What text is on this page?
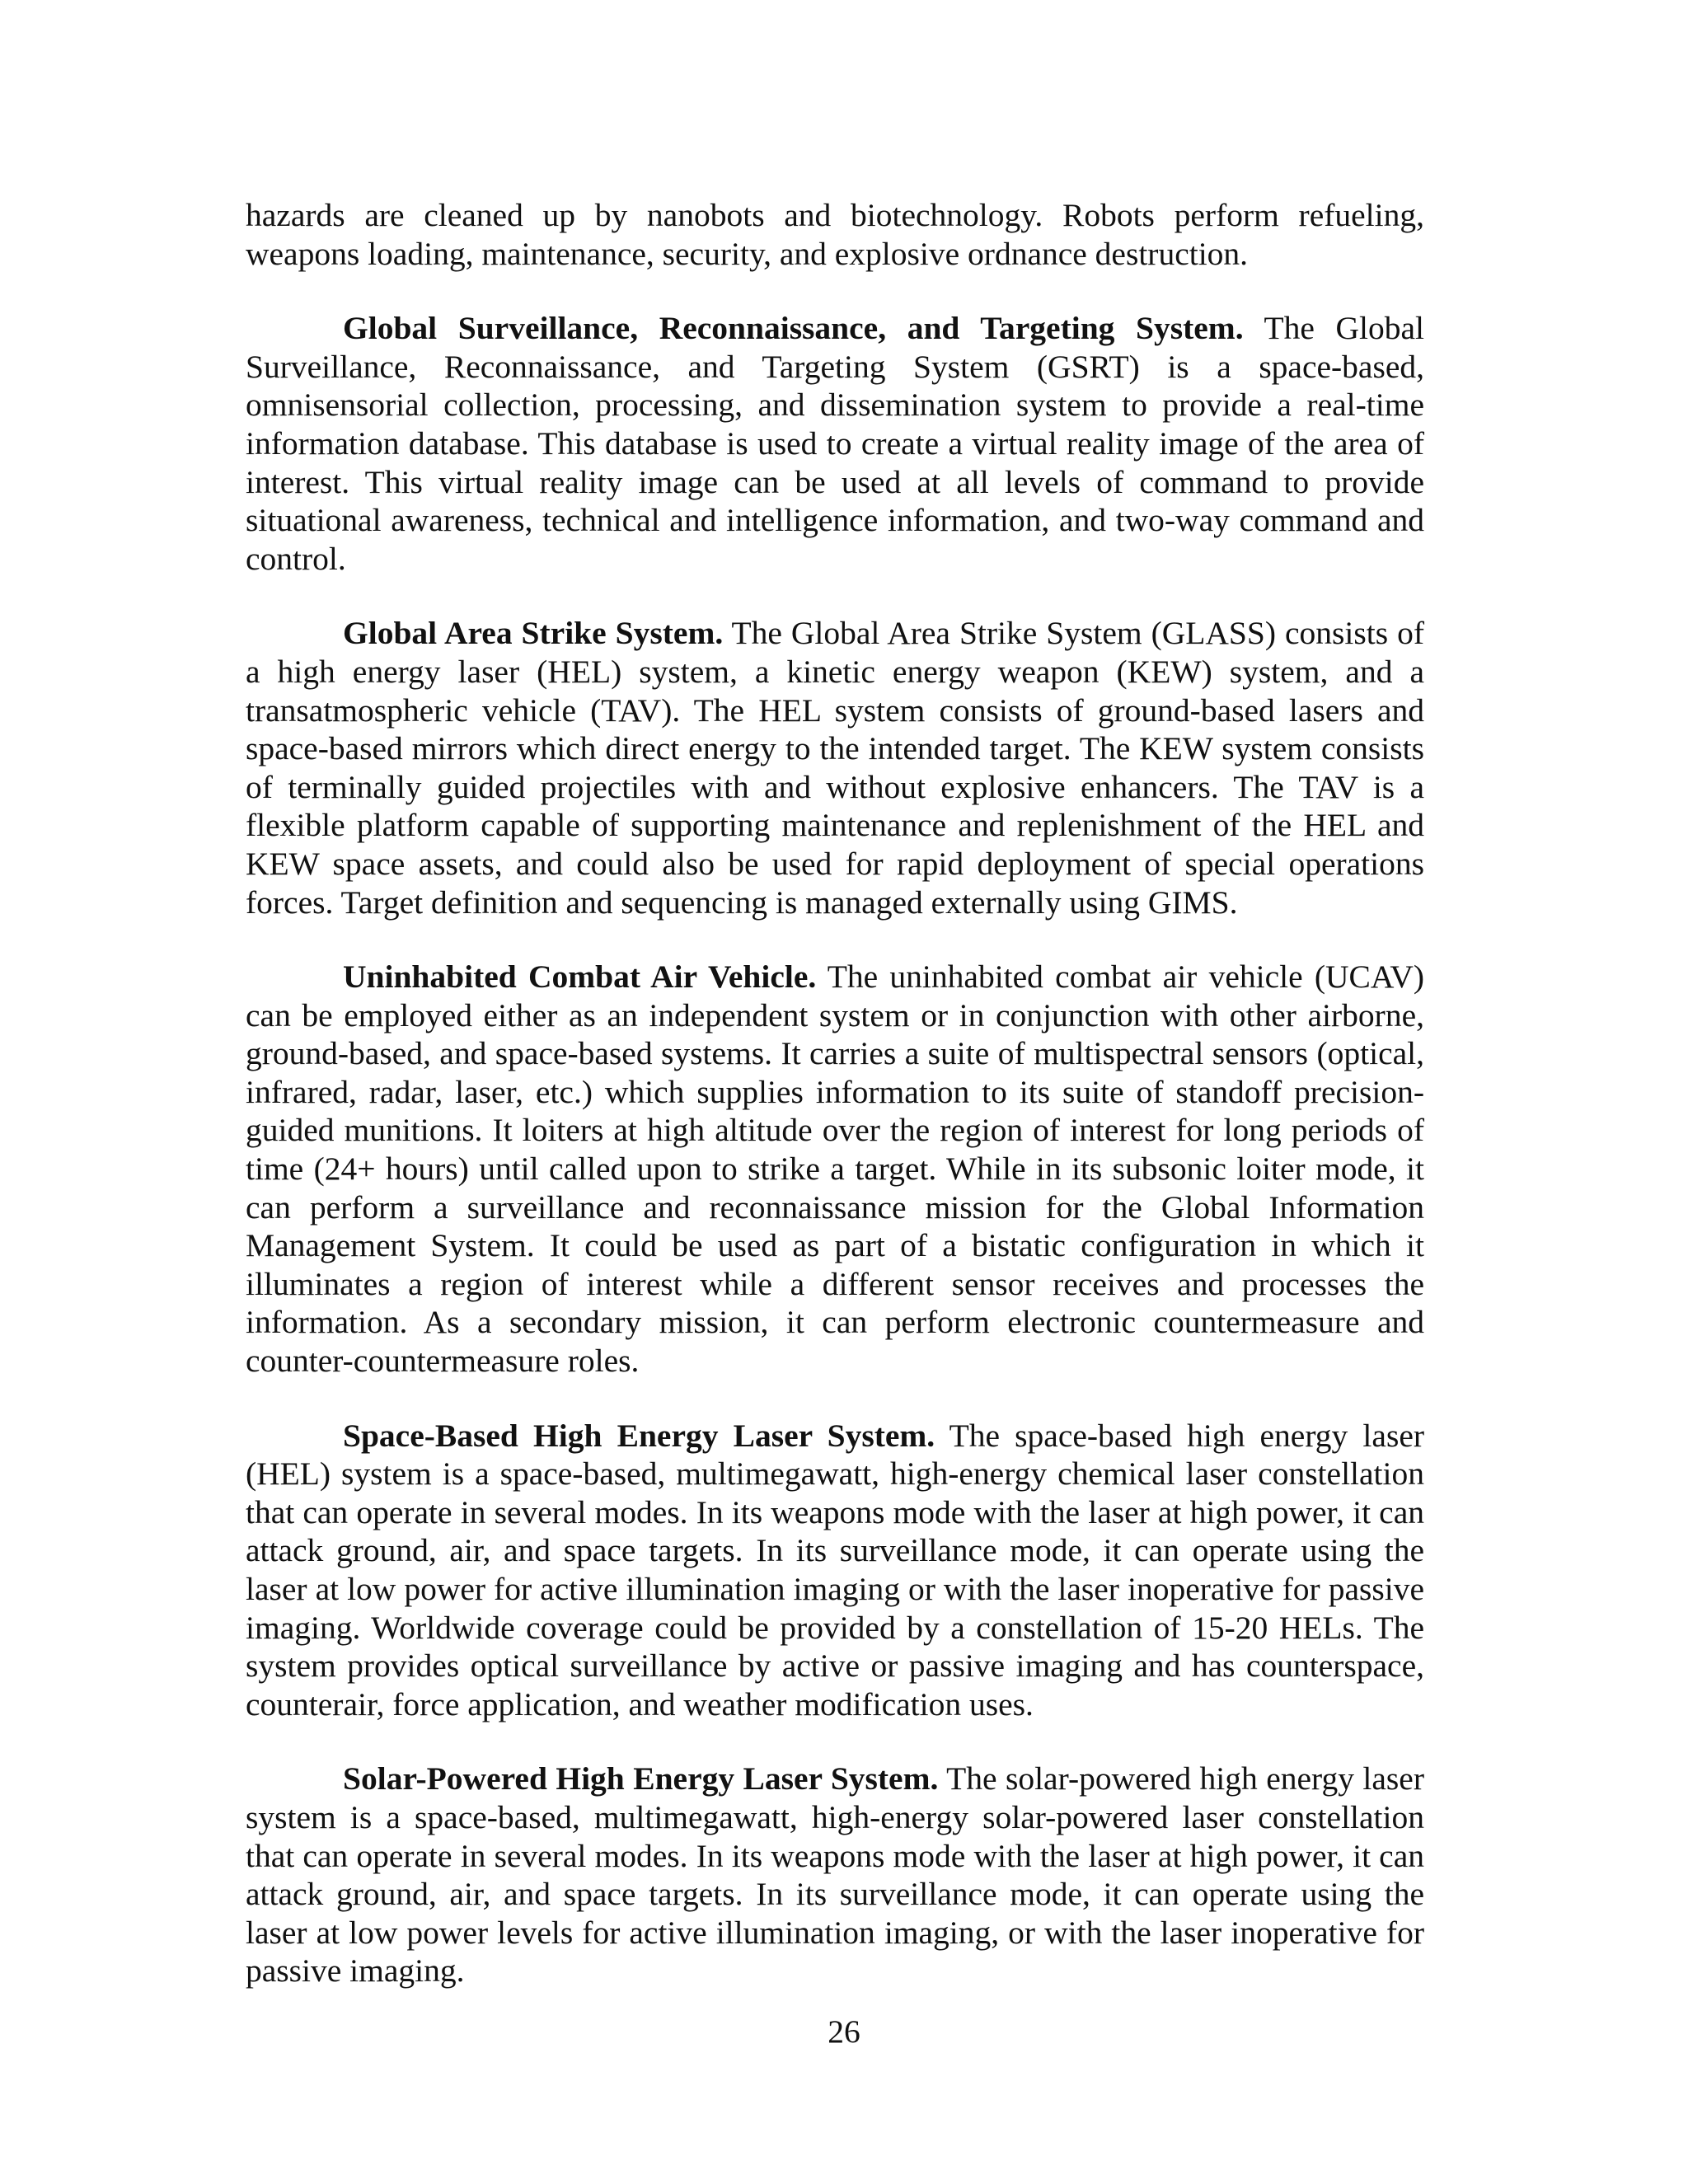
hazards are cleaned up by nanobots and biotechnology. Robots perform refueling, weapons loading, maintenance, security, and explosive ordnance destruction.

Global Surveillance, Reconnaissance, and Targeting System. The Global Surveillance, Reconnaissance, and Targeting System (GSRT) is a space-based, omnisensorial collection, processing, and dissemination system to provide a real-time information database. This database is used to create a virtual reality image of the area of interest. This virtual reality image can be used at all levels of command to provide situational awareness, technical and intelligence information, and two-way command and control.

Global Area Strike System. The Global Area Strike System (GLASS) consists of a high energy laser (HEL) system, a kinetic energy weapon (KEW) system, and a transatmospheric vehicle (TAV). The HEL system consists of ground-based lasers and space-based mirrors which direct energy to the intended target. The KEW system consists of terminally guided projectiles with and without explosive enhancers. The TAV is a flexible platform capable of supporting maintenance and replenishment of the HEL and KEW space assets, and could also be used for rapid deployment of special operations forces. Target definition and sequencing is managed externally using GIMS.

Uninhabited Combat Air Vehicle. The uninhabited combat air vehicle (UCAV) can be employed either as an independent system or in conjunction with other airborne, ground-based, and space-based systems. It carries a suite of multispectral sensors (optical, infrared, radar, laser, etc.) which supplies information to its suite of standoff precision-guided munitions. It loiters at high altitude over the region of interest for long periods of time (24+ hours) until called upon to strike a target. While in its subsonic loiter mode, it can perform a surveillance and reconnaissance mission for the Global Information Management System. It could be used as part of a bistatic configuration in which it illuminates a region of interest while a different sensor receives and processes the information. As a secondary mission, it can perform electronic countermeasure and counter-countermeasure roles.

Space-Based High Energy Laser System. The space-based high energy laser (HEL) system is a space-based, multimegawatt, high-energy chemical laser constellation that can operate in several modes. In its weapons mode with the laser at high power, it can attack ground, air, and space targets. In its surveillance mode, it can operate using the laser at low power for active illumination imaging or with the laser inoperative for passive imaging. Worldwide coverage could be provided by a constellation of 15-20 HELs. The system provides optical surveillance by active or passive imaging and has counterspace, counterair, force application, and weather modification uses.

Solar-Powered High Energy Laser System. The solar-powered high energy laser system is a space-based, multimegawatt, high-energy solar-powered laser constellation that can operate in several modes. In its weapons mode with the laser at high power, it can attack ground, air, and space targets. In its surveillance mode, it can operate using the laser at low power levels for active illumination imaging, or with the laser inoperative for passive imaging.

26
